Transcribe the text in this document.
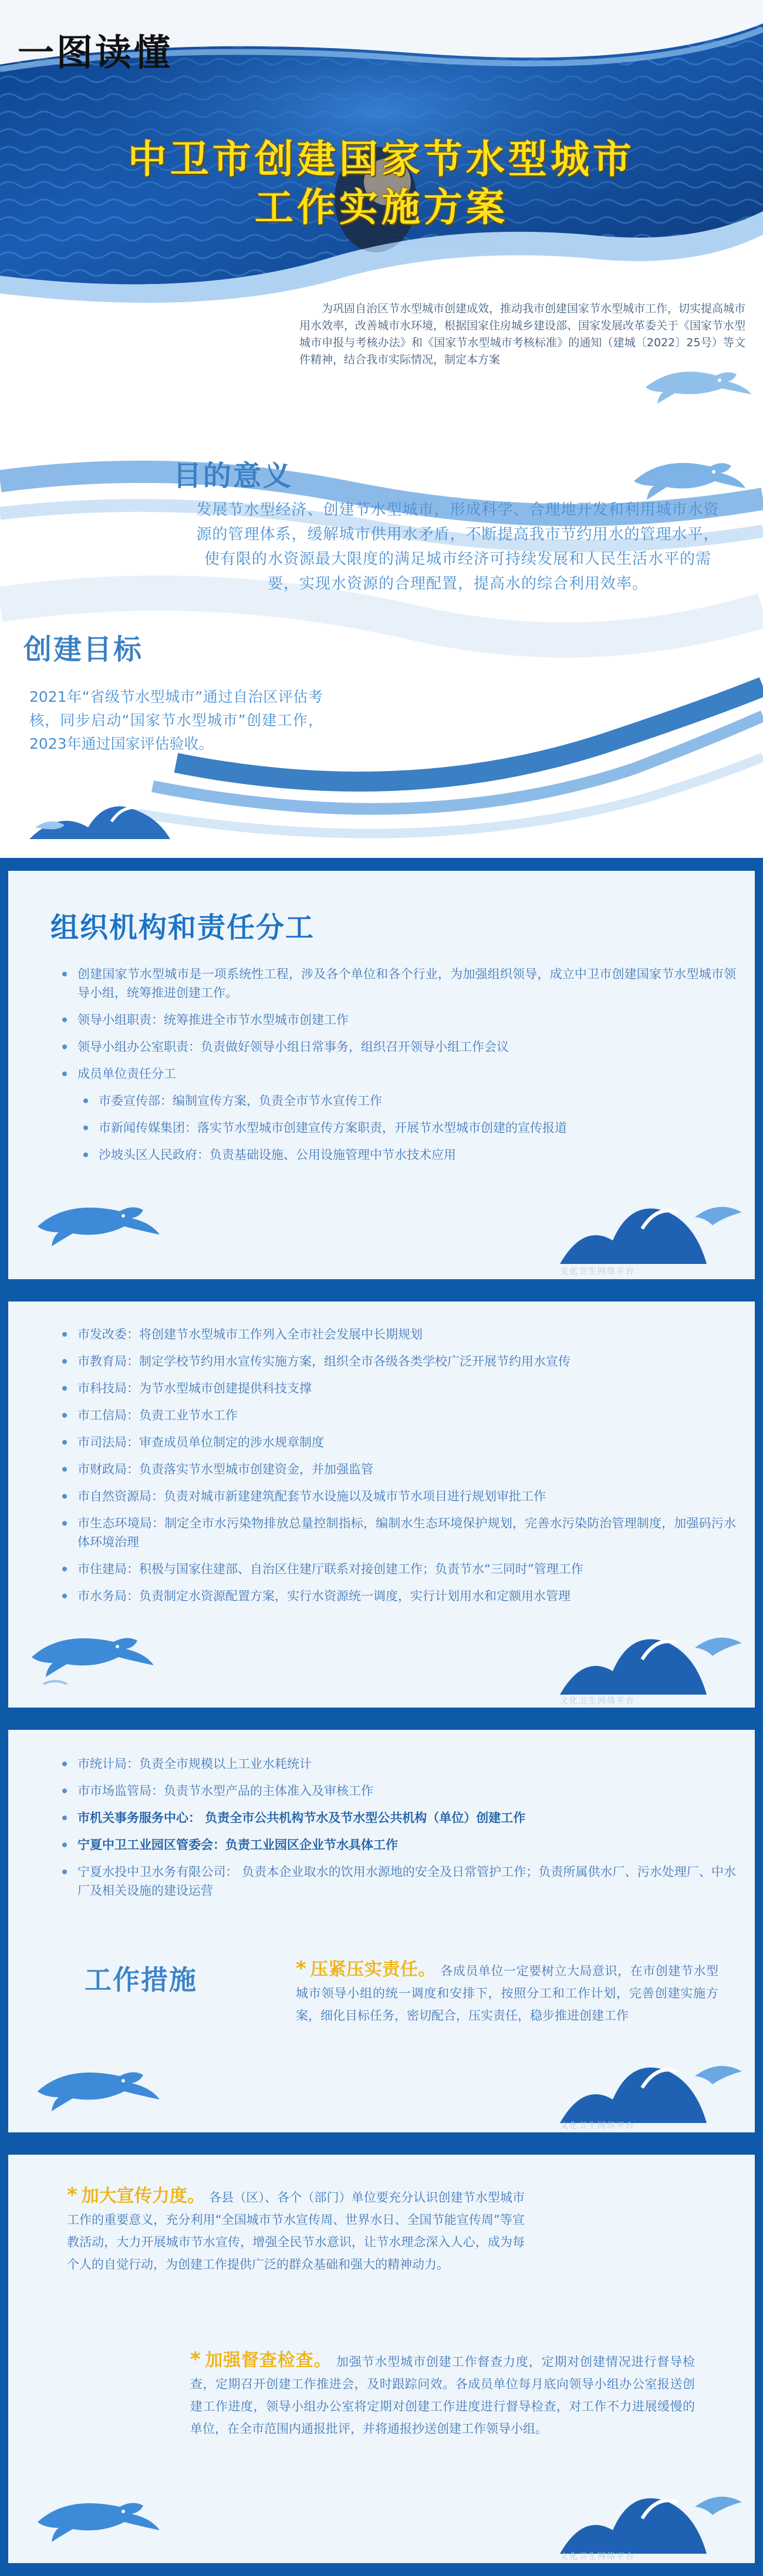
一图读懂
中卫市创建国家节水型城市
工作实施方案
为巩固自治区节水型城市创建成效，推动我市创建国家节水型城市工作，切实提高城市用水效率，改善城市水环境，根据国家住房城乡建设部、国家发展改革委关于《国家节水型城市申报与考核办法》和《国家节水型城市考核标准》的通知（建城〔2022〕25号）等文件精神，结合我市实际情况，制定本方案
目的意义
发展节水型经济、创建节水型城市，形成科学、合理地开发和利用城市水资源的管理体系，缓解城市供用水矛盾，不断提高我市节约用水的管理水平，使有限的水资源最大限度的满足城市经济可持续发展和人民生活水平的需要，实现水资源的合理配置，提高水的综合利用效率。
创建目标
2021年“省级节水型城市”通过自治区评估考核，同步启动“国家节水型城市”创建工作，2023年通过国家评估验收。
组织机构和责任分工
创建国家节水型城市是一项系统性工程，涉及各个单位和各个行业，为加强组织领导，成立中卫市创建国家节水型城市领导小组，统筹推进创建工作。
领导小组职责：统筹推进全市节水型城市创建工作
领导小组办公室职责：负责做好领导小组日常事务，组织召开领导小组工作会议
成员单位责任分工
市委宣传部：编制宣传方案，负责全市节水宣传工作
市新闻传媒集团：落实节水型城市创建宣传方案职责，开展节水型城市创建的宣传报道
沙坡头区人民政府：负责基础设施、公用设施管理中节水技术应用
文化卫生网络平台
市发改委：将创建节水型城市工作列入全市社会发展中长期规划
市教育局：制定学校节约用水宣传实施方案，组织全市各级各类学校广泛开展节约用水宣传
市科技局：为节水型城市创建提供科技支撑
市工信局：负责工业节水工作
市司法局：审查成员单位制定的涉水规章制度
市财政局：负责落实节水型城市创建资金，并加强监管
市自然资源局：负责对城市新建建筑配套节水设施以及城市节水项目进行规划审批工作
市生态环境局：制定全市水污染物排放总量控制指标，编制水生态环境保护规划，完善水污染防治管理制度，加强码污水体环境治理
市住建局：积极与国家住建部、自治区住建厅联系对接创建工作；负责节水“三同时”管理工作
市水务局：负责制定水资源配置方案，实行水资源统一调度，实行计划用水和定额用水管理
文化卫生网络平台
市统计局：负责全市规模以上工业水耗统计
市市场监管局：负责节水型产品的主体准入及审核工作
市机关事务服务中心： 负责全市公共机构节水及节水型公共机构（单位）创建工作
宁夏中卫工业园区管委会：负责工业园区企业节水具体工作
宁夏水投中卫水务有限公司： 负责本企业取水的饮用水源地的安全及日常管护工作；负责所属供水厂、污水处理厂、中水厂及相关设施的建设运营
工作措施	* 压紧压实责任。 各成员单位一定要树立大局意识，在市创建节水型城市领导小组的统一调度和安排下，按照分工和工作计划，完善创建实施方案，细化目标任务，密切配合，压实责任，稳步推进创建工作
文化卫生网络平台
* 加大宣传力度。 各县（区）、各个（部门）单位要充分认识创建节水型城市工作的重要意义，充分利用“全国城市节水宣传周、世界水日、全国节能宣传周”等宣教活动，大力开展城市节水宣传，增强全民节水意识，让节水理念深入人心，成为每个人的自觉行动，为创建工作提供广泛的群众基础和强大的精神动力。
* 加强督查检查。 加强节水型城市创建工作督查力度，定期对创建情况进行督导检查，定期召开创建工作推进会，及时跟踪问效。各成员单位每月底向领导小组办公室报送创建工作进度，领导小组办公室将定期对创建工作进度进行督导检查，对工作不力进展缓慢的单位，在全市范围内通报批评，并将通报抄送创建工作领导小组。
文化卫生网络平台
